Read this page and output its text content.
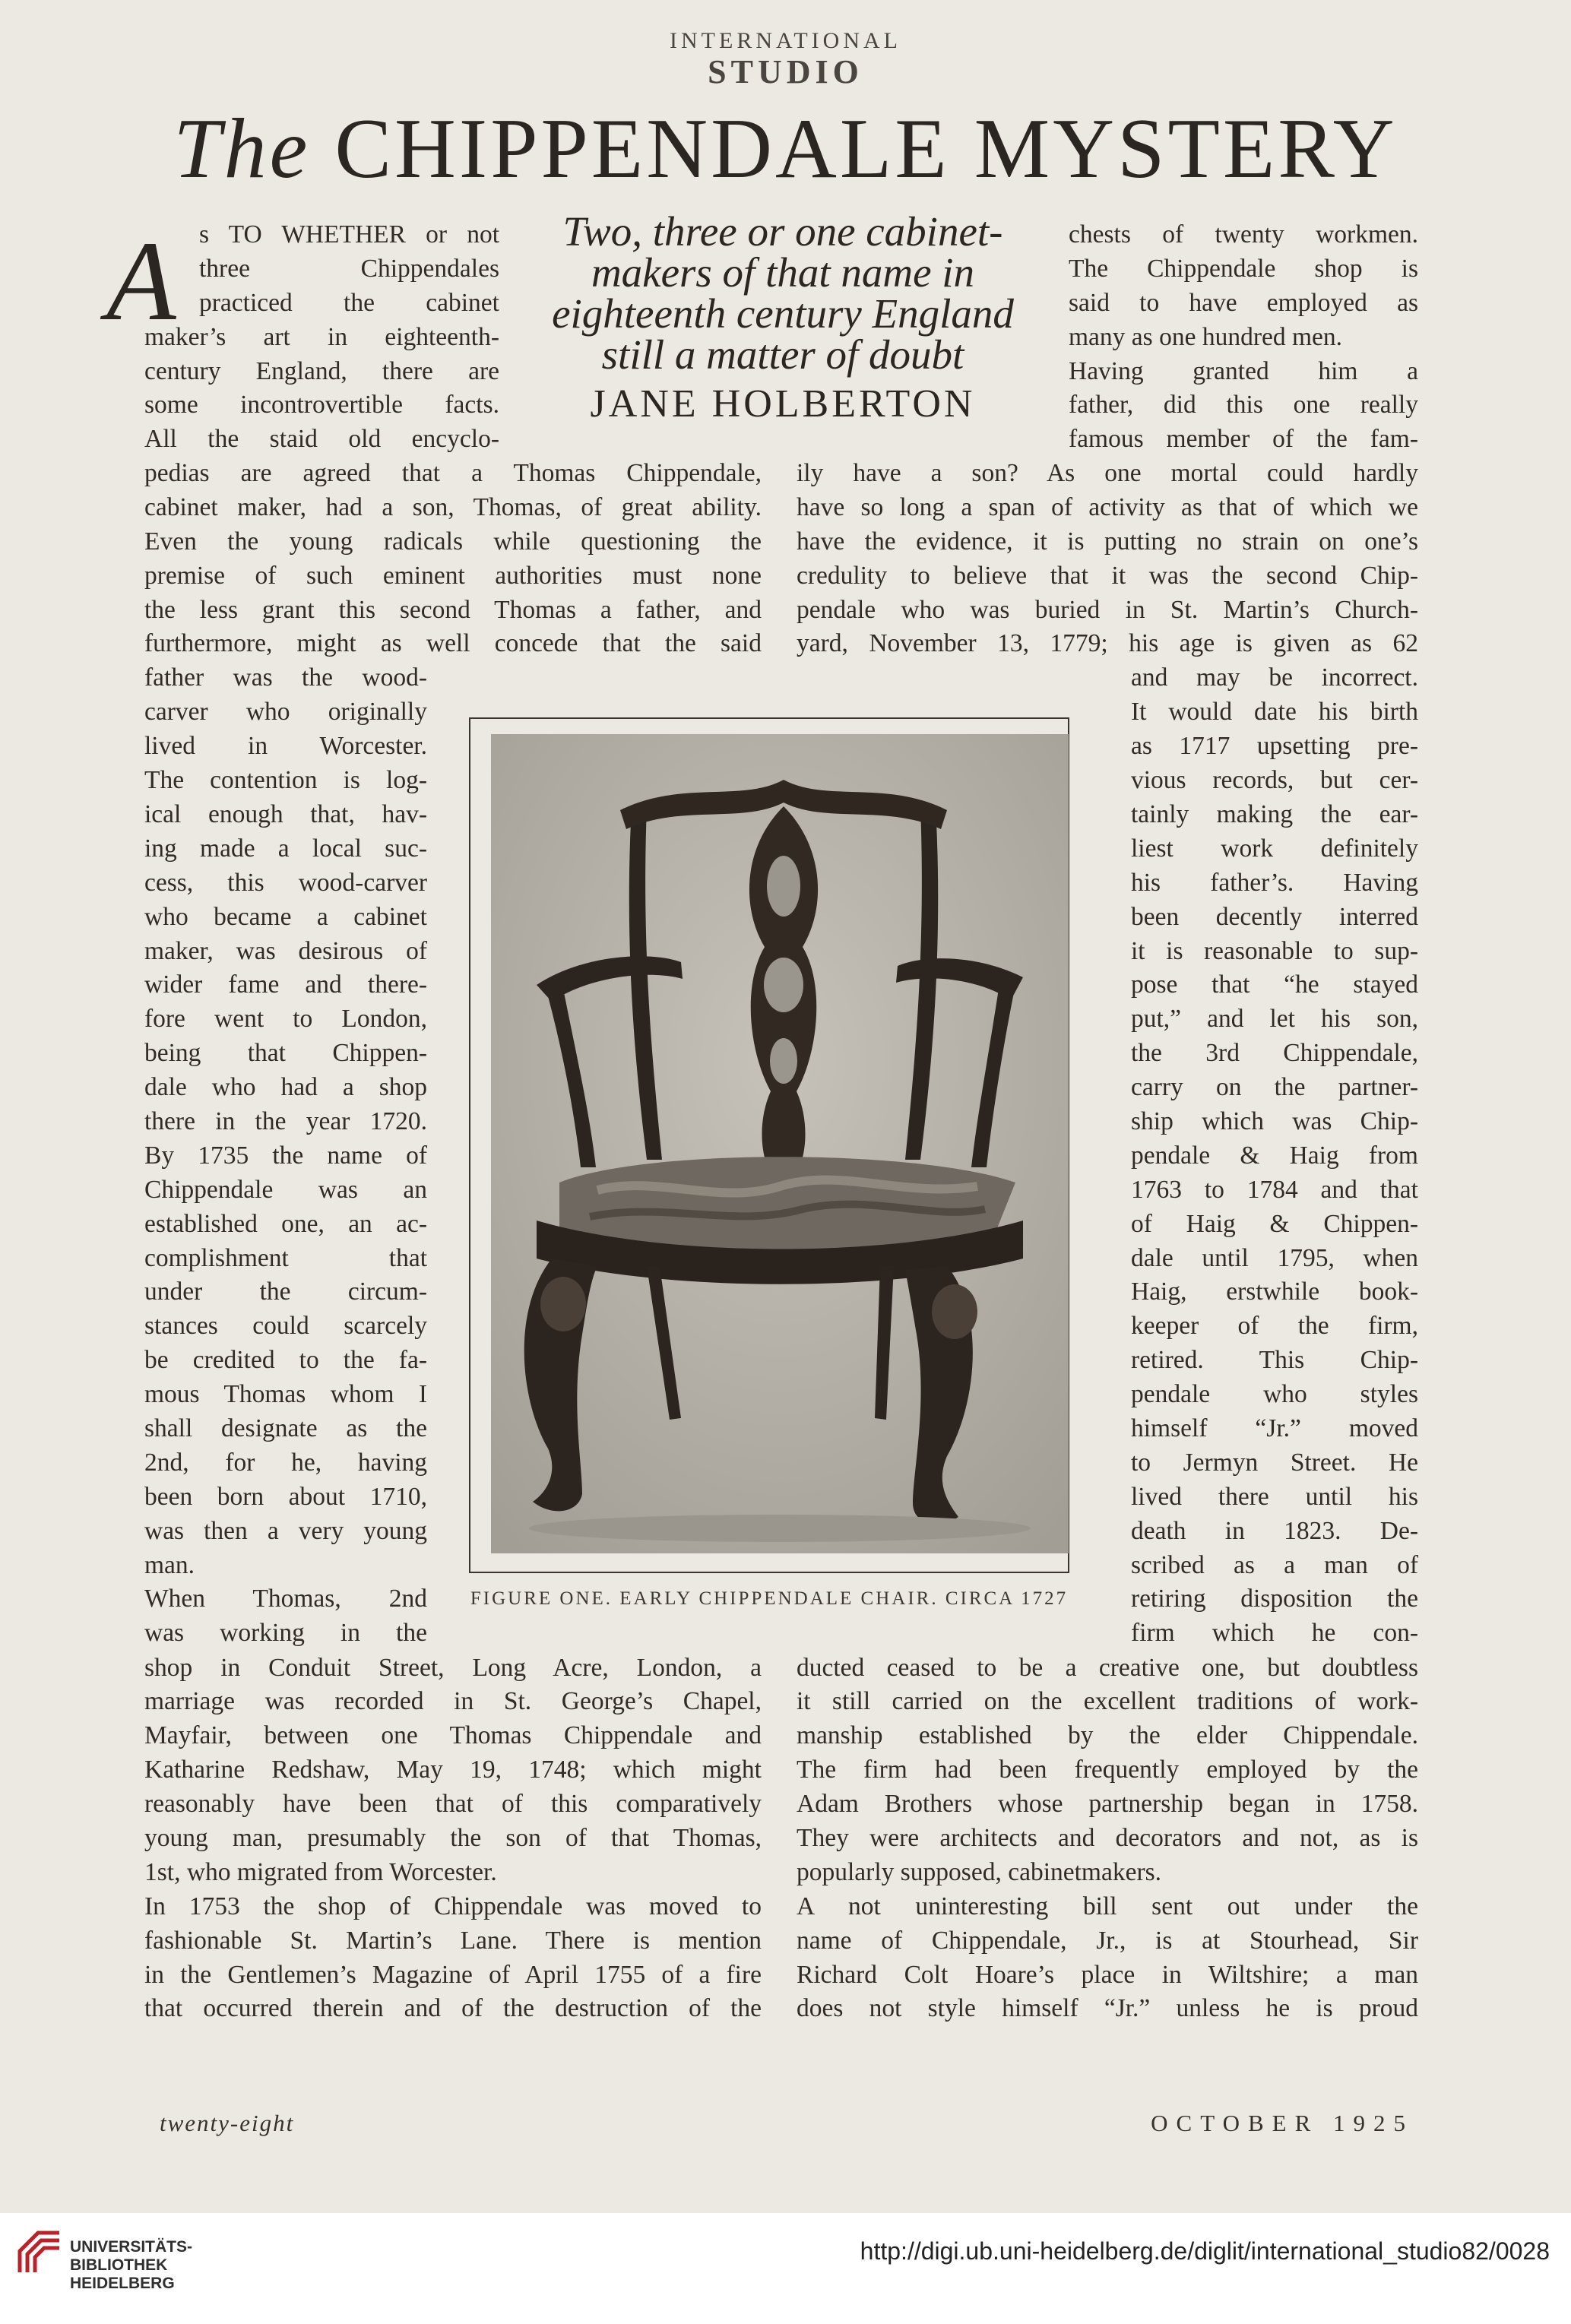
INTERNATIONAL
STUDIO
The CHIPPENDALE MYSTERY
A s TO WHETHER or not
three Chippendales
practiced the cabinet
maker’s art in eighteenth-
century England, there are
some incontrovertible facts.
All the staid old encyclo-
Two, three or one cabinet-makers of that name in eighteenth century England still a matter of doubt
JANE HOLBERTON
chests of twenty workmen.
The Chippendale shop is
said to have employed as
many as one hundred men.
Having granted him a
father, did this one really
famous member of the fam-
pedias are agreed that a Thomas Chippendale,
cabinet maker, had a son, Thomas, of great ability.
Even the young radicals while questioning the
premise of such eminent authorities must none
the less grant this second Thomas a father, and
furthermore, might as well concede that the said
ily have a son? As one mortal could hardly
have so long a span of activity as that of which we
have the evidence, it is putting no strain on one’s
credulity to believe that it was the second Chip-
pendale who was buried in St. Martin’s Church-
yard, November 13, 1779; his age is given as 62
father was the wood-
carver who originally
lived in Worcester.
The contention is log-
ical enough that, hav-
ing made a local suc-
cess, this wood-carver
who became a cabinet
maker, was desirous of
wider fame and there-
fore went to London,
being that Chippen-
dale who had a shop
there in the year 1720.
By 1735 the name of
Chippendale was an
established one, an ac-
complishment that
under the circum-
stances could scarcely
be credited to the fa-
mous Thomas whom I
shall designate as the
2nd, for he, having
been born about 1710,
was then a very young
man.
When Thomas, 2nd
was working in the
and may be incorrect.
It would date his birth
as 1717 upsetting pre-
vious records, but cer-
tainly making the ear-
liest work definitely
his father’s. Having
been decently interred
it is reasonable to sup-
pose that “he stayed
put,” and let his son,
the 3rd Chippendale,
carry on the partner-
ship which was Chip-
pendale & Haig from
1763 to 1784 and that
of Haig & Chippen-
dale until 1795, when
Haig, erstwhile book-
keeper of the firm,
retired. This Chip-
pendale who styles
himself “Jr.” moved
to Jermyn Street. He
lived there until his
death in 1823. De-
scribed as a man of
retiring disposition the
firm which he con-
FIGURE ONE. EARLY CHIPPENDALE CHAIR. CIRCA 1727
shop in Conduit Street, Long Acre, London, a
marriage was recorded in St. George’s Chapel,
Mayfair, between one Thomas Chippendale and
Katharine Redshaw, May 19, 1748; which might
reasonably have been that of this comparatively
young man, presumably the son of that Thomas,
1st, who migrated from Worcester.
In 1753 the shop of Chippendale was moved to
fashionable St. Martin’s Lane. There is mention
in the Gentlemen’s Magazine of April 1755 of a fire
that occurred therein and of the destruction of the
ducted ceased to be a creative one, but doubtless
it still carried on the excellent traditions of work-
manship established by the elder Chippendale.
The firm had been frequently employed by the
Adam Brothers whose partnership began in 1758.
They were architects and decorators and not, as is
popularly supposed, cabinetmakers.
A not uninteresting bill sent out under the
name of Chippendale, Jr., is at Stourhead, Sir
Richard Colt Hoare’s place in Wiltshire; a man
does not style himself “Jr.” unless he is proud
twenty-eight	OCTOBER 1925
UNIVERSITÄTS-
BIBLIOTHEK
HEIDELBERG
http://digi.ub.uni-heidelberg.de/diglit/international_studio82/0028
